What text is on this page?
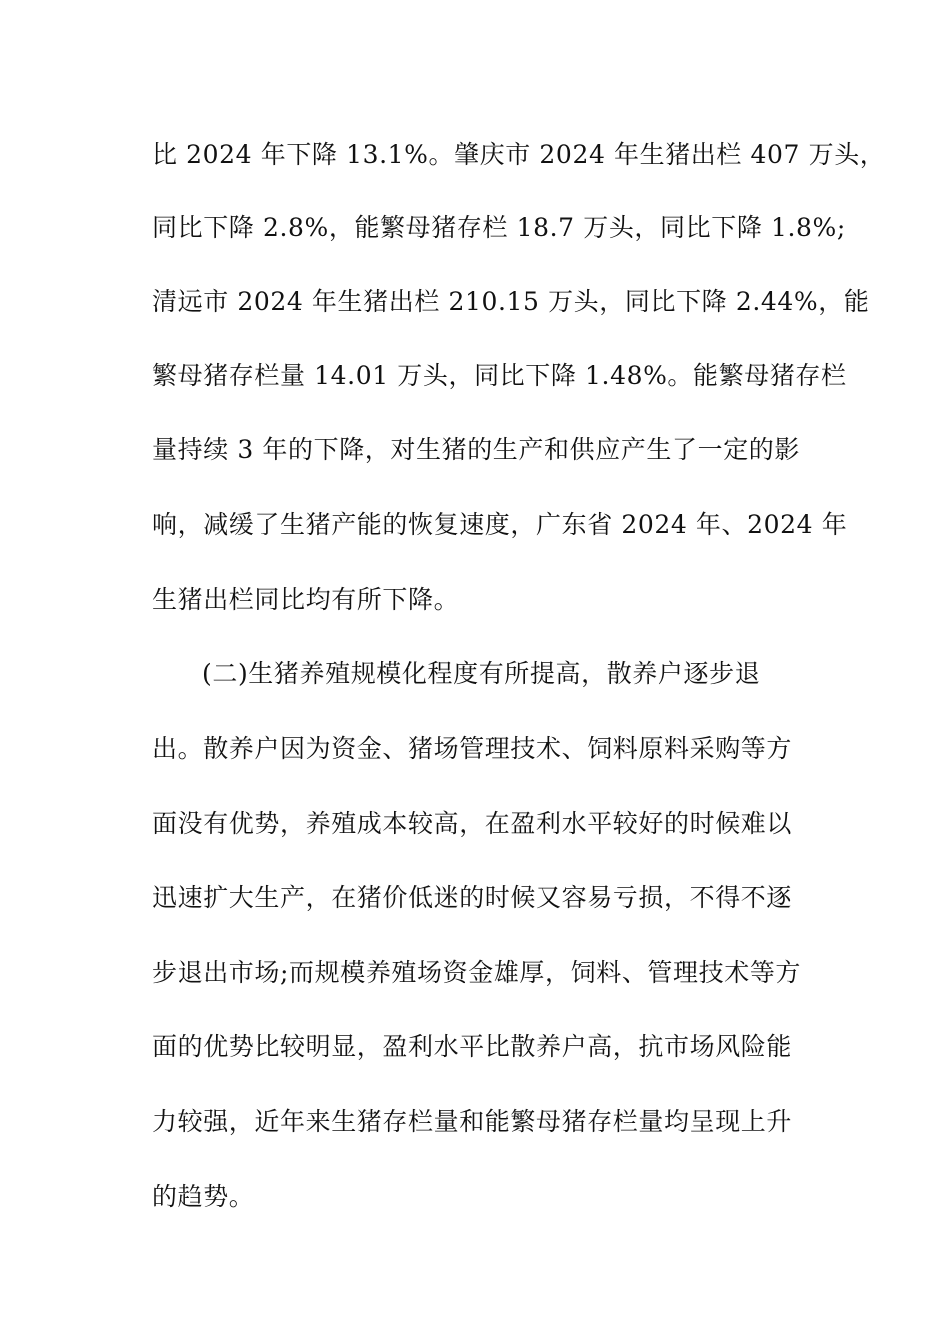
比 2024 年下降 13.1%。肇庆市 2024 年生猪出栏 407 万头，
同比下降 2.8%，能繁母猪存栏 18.7 万头，同比下降 1.8%;
清远市 2024 年生猪出栏 210.15 万头，同比下降 2.44%，能
繁母猪存栏量 14.01 万头，同比下降 1.48%。能繁母猪存栏
量持续 3 年的下降，对生猪的生产和供应产生了一定的影
响，减缓了生猪产能的恢复速度，广东省 2024 年、2024 年
生猪出栏同比均有所下降。
(二)生猪养殖规模化程度有所提高，散养户逐步退
出。散养户因为资金、猪场管理技术、饲料原料采购等方
面没有优势，养殖成本较高，在盈利水平较好的时候难以
迅速扩大生产，在猪价低迷的时候又容易亏损，不得不逐
步退出市场;而规模养殖场资金雄厚，饲料、管理技术等方
面的优势比较明显，盈利水平比散养户高，抗市场风险能
力较强，近年来生猪存栏量和能繁母猪存栏量均呈现上升
的趋势。
